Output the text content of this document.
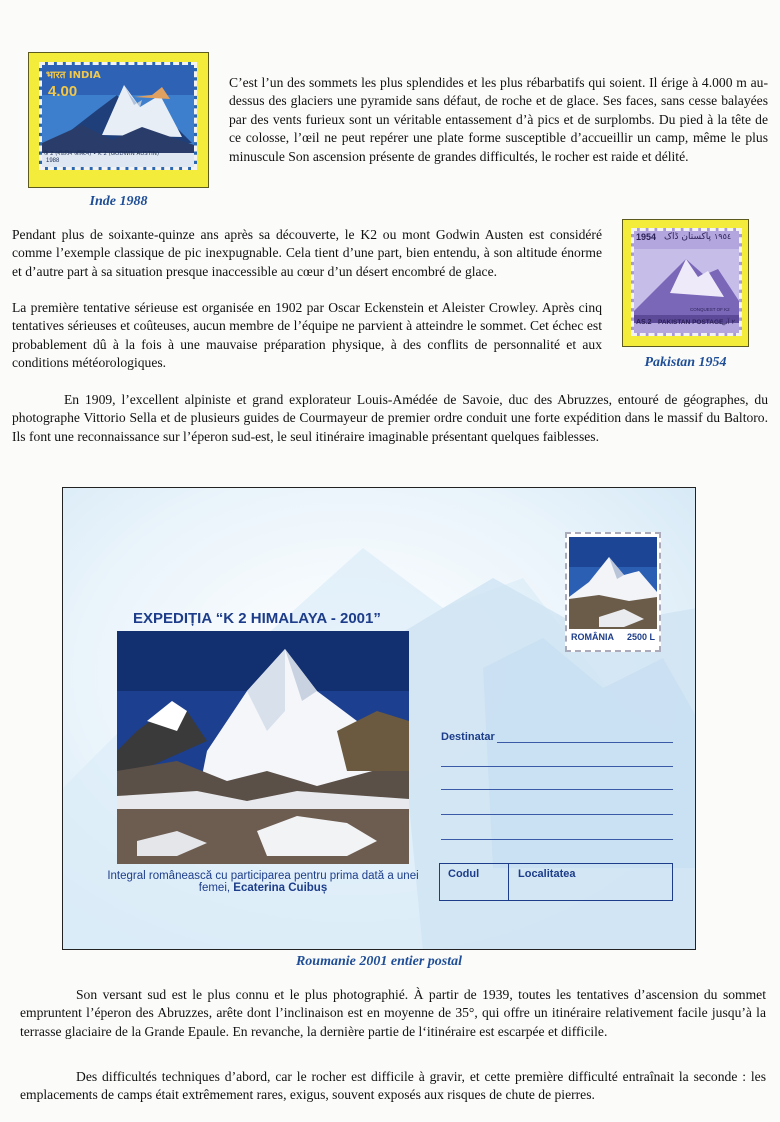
भारत INDIA
4.00
के 2 (गॉडविन ऑस्टिन) • K 2 (GODWIN AUSTIN)
1988
Inde 1988

C’est l’un des sommets les plus splendides et les plus rébarbatifs qui soient. Il érige à 4.000 m au-dessus des glaciers une pyramide sans défaut, de roche et de glace. Ses faces, sans cesse balayées par des vents furieux sont un véritable entassement d’à pics et de surplombs. Du pied à la tête de ce colosse, l’œil ne peut repérer une plate forme susceptible d’accueillir un camp, même le plus minuscule Son ascension présente de grandes difficultés, le rocher est raide et délité.

Pendant plus de soixante-quinze ans après sa découverte, le K2 ou mont Godwin Austen est considéré comme l’exemple classique de pic inexpugnable. Cela tient d’une part, bien entendu, à son altitude énorme et d’autre part à sa situation presque inaccessible au cœur d’un désert encombré de glace.

La première tentative sérieuse est organisée en 1902 par Oscar Eckenstein et Aleister Crowley. Après cinq tentatives sérieuses et coûteuses, aucun membre de l’équipe ne parvient à atteindre le sommet. Cet échec est probablement dû à la fois à une mauvaise préparation physique, à des conflits de personnalité et aux conditions météorologiques.

1954 پاکستان ڈاک ١٩٥٤
CONQUEST OF K2
AS.2 PAKISTAN POSTAGE
٢ آنے
Pakistan 1954

En 1909, l’excellent alpiniste et grand explorateur Louis-Amédée de Savoie, duc des Abruzzes, entouré de géographes, du photographe Vittorio Sella et de plusieurs guides de Courmayeur de premier ordre conduit une forte expédition dans le massif du Baltoro. Ils font une reconnaissance sur l’éperon sud-est, le seul itinéraire imaginable présentant quelques faiblesses.

EXPEDIȚIA “K 2 HIMALAYA - 2001”
Integral românească cu participarea pentru prima dată a unei
femei, Ecaterina Cuibuș
ROMÂNIA 2500 L
Destinatar
Codul	Localitatea
Roumanie 2001 entier postal

Son versant sud est le plus connu et le plus photographié. À partir de 1939, toutes les tentatives d’ascension du sommet empruntent l’éperon des Abruzzes, arête dont l’inclinaison est en moyenne de 35°, qui offre un itinéraire relativement facile jusqu’à la terrasse glaciaire de la Grande Epaule. En revanche, la dernière partie de l‘itinéraire est escarpée et difficile.

Des difficultés techniques d’abord, car le rocher est difficile à gravir, et cette première difficulté entraînait la seconde : les emplacements de camps était extrêmement rares, exigus, souvent exposés aux risques de chute de pierres.
